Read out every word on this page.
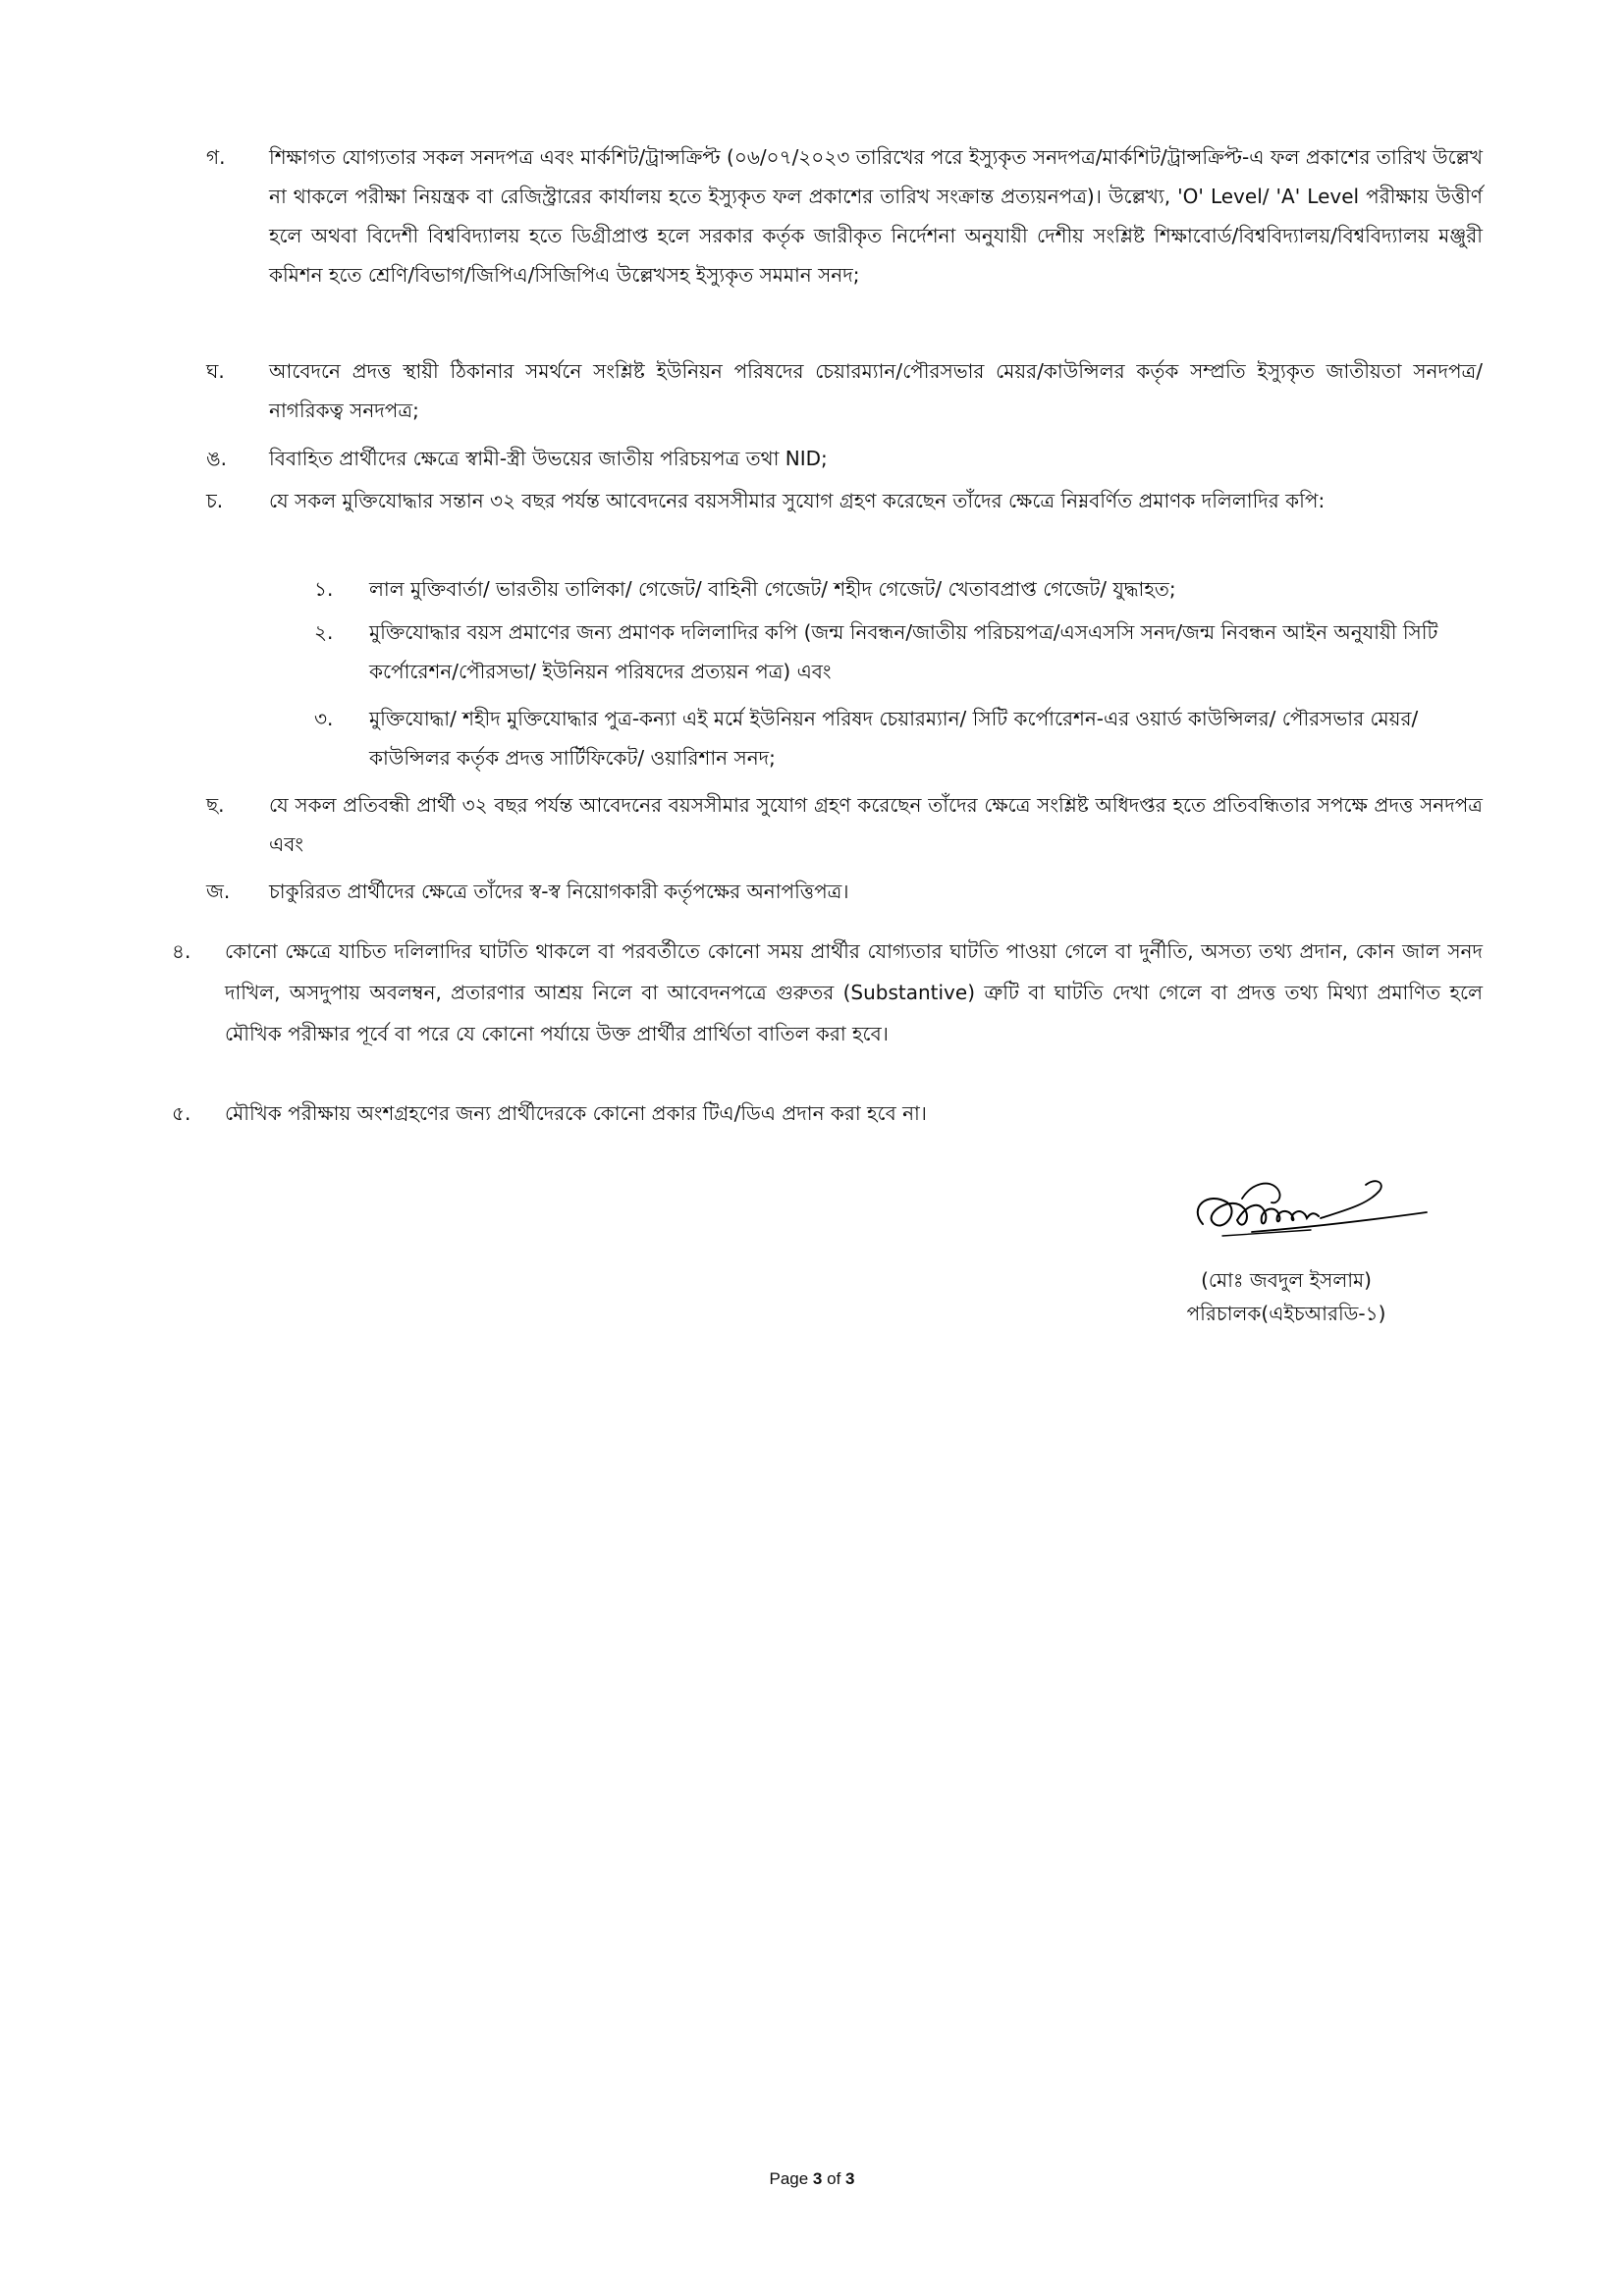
গ.	শিক্ষাগত যোগ্যতার সকল সনদপত্র এবং মার্কশিট/ট্রান্সক্রিপ্ট (০৬/০৭/২০২৩ তারিখের পরে ইস্যুকৃত সনদপত্র/মার্কশিট/ট্রান্সক্রিপ্ট-এ ফল প্রকাশের তারিখ উল্লেখ না থাকলে পরীক্ষা নিয়ন্ত্রক বা রেজিস্ট্রারের কার্যালয় হতে ইস্যুকৃত ফল প্রকাশের তারিখ সংক্রান্ত প্রত্যয়নপত্র)। উল্লেখ্য, 'O' Level/ 'A' Level পরীক্ষায় উত্তীর্ণ হলে অথবা বিদেশী বিশ্ববিদ্যালয় হতে ডিগ্রীপ্রাপ্ত হলে সরকার কর্তৃক জারীকৃত নির্দেশনা অনুযায়ী দেশীয় সংশ্লিষ্ট শিক্ষাবোর্ড/বিশ্ববিদ্যালয়/বিশ্ববিদ্যালয় মঞ্জুরী কমিশন হতে শ্রেণি/বিভাগ/জিপিএ/সিজিপিএ উল্লেখসহ ইস্যুকৃত সমমান সনদ;
ঘ.	আবেদনে প্রদত্ত স্থায়ী ঠিকানার সমর্থনে সংশ্লিষ্ট ইউনিয়ন পরিষদের চেয়ারম্যান/পৌরসভার মেয়র/কাউন্সিলর কর্তৃক সম্প্রতি ইস্যুকৃত জাতীয়তা সনদপত্র/নাগরিকত্ব সনদপত্র;
ঙ.	বিবাহিত প্রার্থীদের ক্ষেত্রে স্বামী-স্ত্রী উভয়ের জাতীয় পরিচয়পত্র তথা NID;
চ.	যে সকল মুক্তিযোদ্ধার সন্তান ৩২ বছর পর্যন্ত আবেদনের বয়সসীমার সুযোগ গ্রহণ করেছেন তাঁদের ক্ষেত্রে নিম্নবর্ণিত প্রমাণক দলিলাদির কপি:
১.	লাল মুক্তিবার্তা/ ভারতীয় তালিকা/ গেজেট/ বাহিনী গেজেট/ শহীদ গেজেট/ খেতাবপ্রাপ্ত গেজেট/ যুদ্ধাহত;
২.	মুক্তিযোদ্ধার বয়স প্রমাণের জন্য প্রমাণক দলিলাদির কপি (জন্ম নিবন্ধন/জাতীয় পরিচয়পত্র/এসএসসি সনদ/জন্ম নিবন্ধন আইন অনুযায়ী সিটি কর্পোরেশন/পৌরসভা/ ইউনিয়ন পরিষদের প্রত্যয়ন পত্র) এবং
৩.	মুক্তিযোদ্ধা/ শহীদ মুক্তিযোদ্ধার পুত্র-কন্যা এই মর্মে ইউনিয়ন পরিষদ চেয়ারম্যান/ সিটি কর্পোরেশন-এর ওয়ার্ড কাউন্সিলর/ পৌরসভার মেয়র/ কাউন্সিলর কর্তৃক প্রদত্ত সার্টিফিকেট/ ওয়ারিশান সনদ;
ছ.	যে সকল প্রতিবন্ধী প্রার্থী ৩২ বছর পর্যন্ত আবেদনের বয়সসীমার সুযোগ গ্রহণ করেছেন তাঁদের ক্ষেত্রে সংশ্লিষ্ট অধিদপ্তর হতে প্রতিবন্ধিতার সপক্ষে প্রদত্ত সনদপত্র এবং
জ.	চাকুরিরত প্রার্থীদের ক্ষেত্রে তাঁদের স্ব-স্ব নিয়োগকারী কর্তৃপক্ষের অনাপত্তিপত্র।
৪.	কোনো ক্ষেত্রে যাচিত দলিলাদির ঘাটতি থাকলে বা পরবর্তীতে কোনো সময় প্রার্থীর যোগ্যতার ঘাটতি পাওয়া গেলে বা দুর্নীতি, অসত্য তথ্য প্রদান, কোন জাল সনদ দাখিল, অসদুপায় অবলম্বন, প্রতারণার আশ্রয় নিলে বা আবেদনপত্রে গুরুতর (Substantive) ত্রুটি বা ঘাটতি দেখা গেলে বা প্রদত্ত তথ্য মিথ্যা প্রমাণিত হলে মৌখিক পরীক্ষার পূর্বে বা পরে যে কোনো পর্যায়ে উক্ত প্রার্থীর প্রার্থিতা বাতিল করা হবে।
৫.	মৌখিক পরীক্ষায় অংশগ্রহণের জন্য প্রার্থীদেরকে কোনো প্রকার টিএ/ডিএ প্রদান করা হবে না।
(মোঃ জবদুল ইসলাম)
পরিচালক(এইচআরডি-১)
Page 3 of 3
